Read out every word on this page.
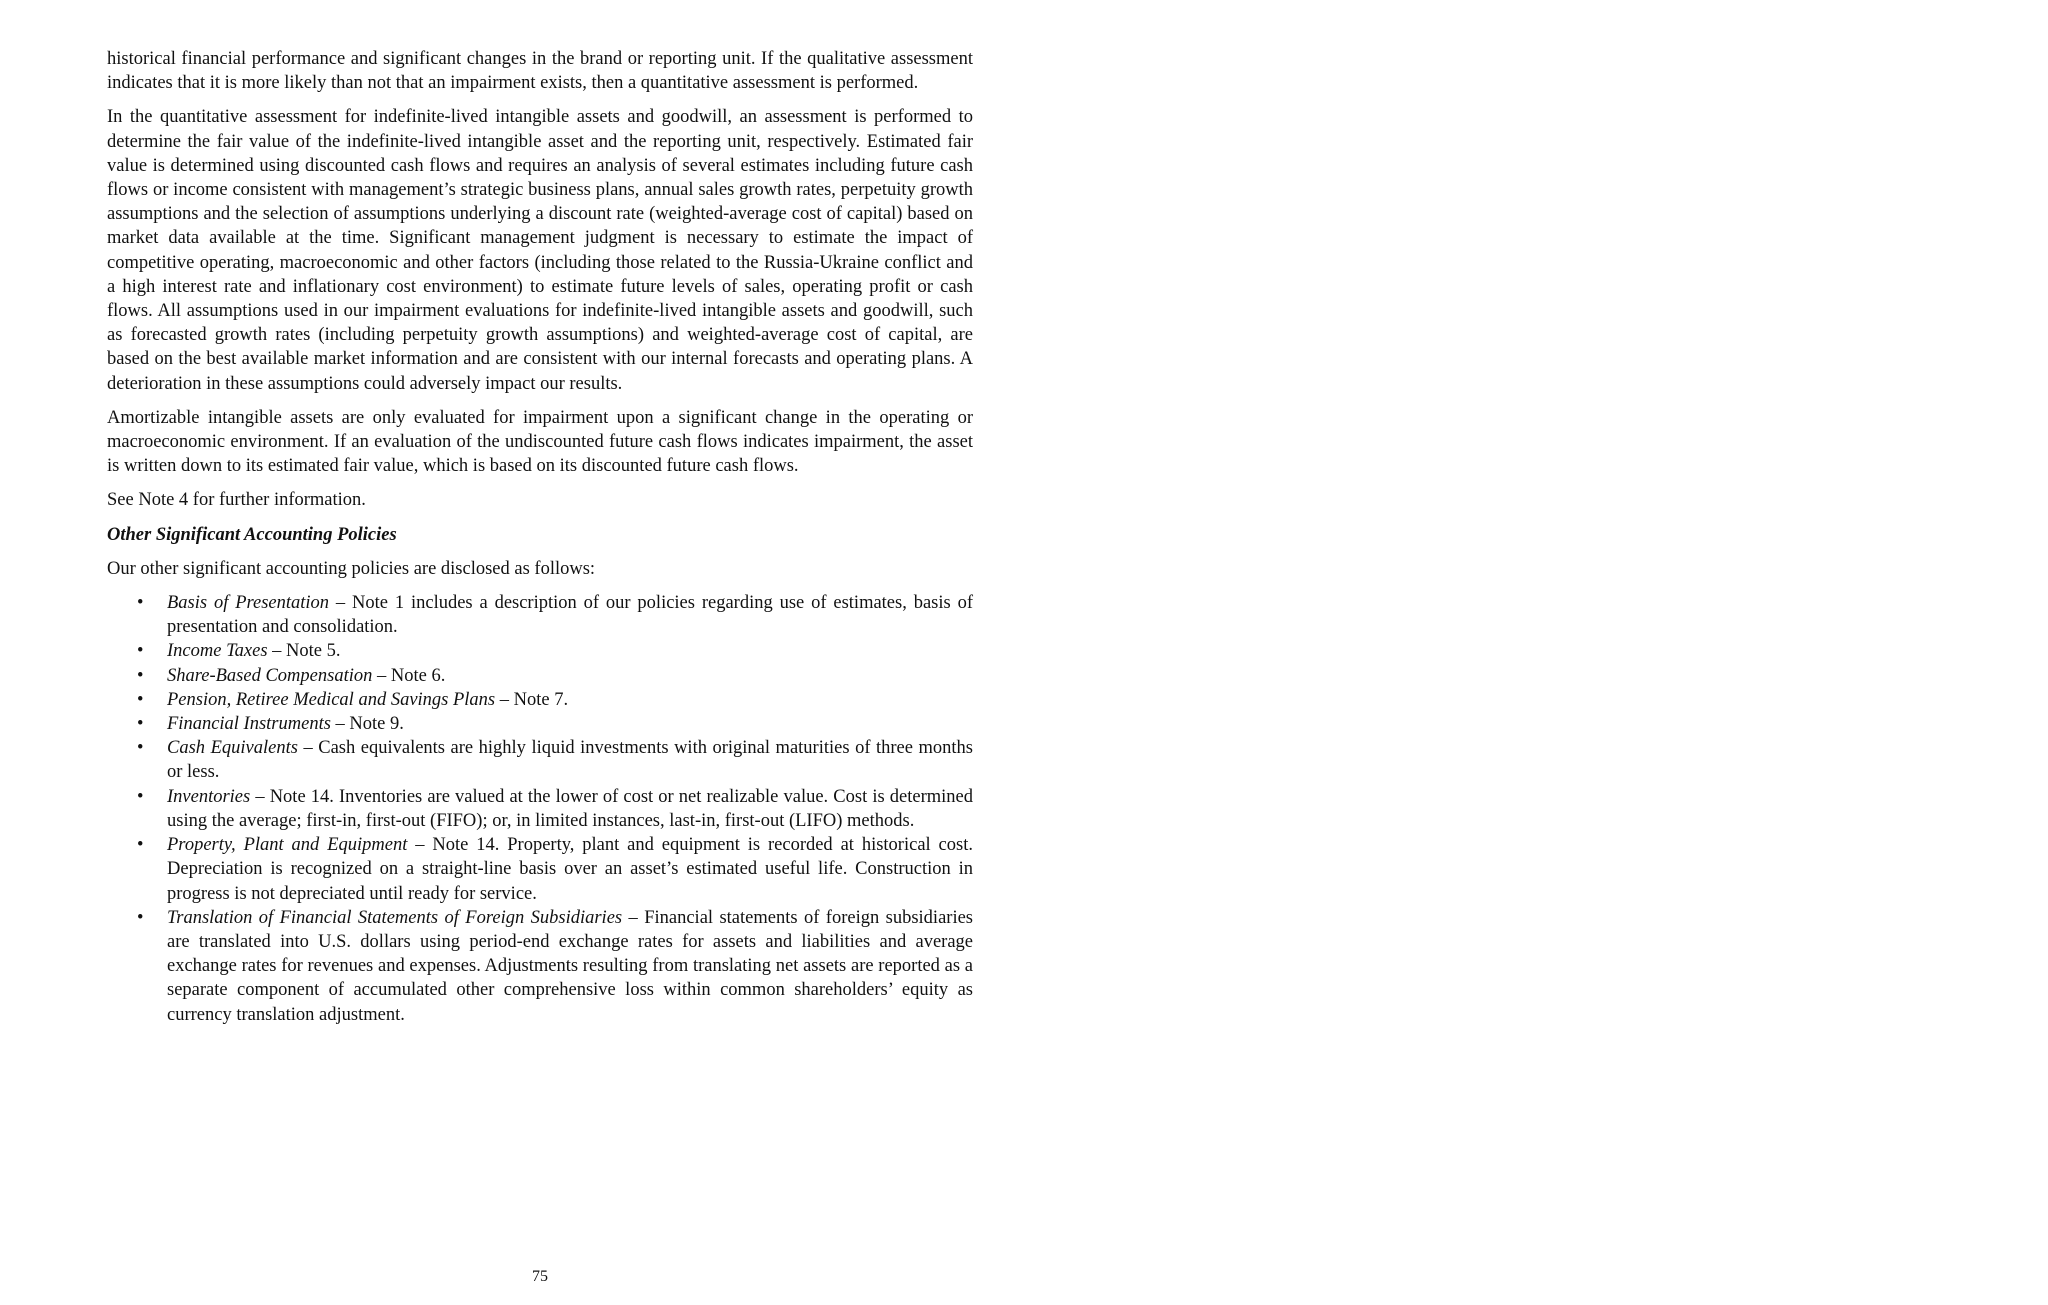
historical financial performance and significant changes in the brand or reporting unit. If the qualitative assessment indicates that it is more likely than not that an impairment exists, then a quantitative assessment is performed.

In the quantitative assessment for indefinite-lived intangible assets and goodwill, an assessment is performed to determine the fair value of the indefinite-lived intangible asset and the reporting unit, respectively. Estimated fair value is determined using discounted cash flows and requires an analysis of several estimates including future cash flows or income consistent with management’s strategic business plans, annual sales growth rates, perpetuity growth assumptions and the selection of assumptions underlying a discount rate (weighted-average cost of capital) based on market data available at the time. Significant management judgment is necessary to estimate the impact of competitive operating, macroeconomic and other factors (including those related to the Russia-Ukraine conflict and a high interest rate and inflationary cost environment) to estimate future levels of sales, operating profit or cash flows. All assumptions used in our impairment evaluations for indefinite-lived intangible assets and goodwill, such as forecasted growth rates (including perpetuity growth assumptions) and weighted-average cost of capital, are based on the best available market information and are consistent with our internal forecasts and operating plans. A deterioration in these assumptions could adversely impact our results.

Amortizable intangible assets are only evaluated for impairment upon a significant change in the operating or macroeconomic environment. If an evaluation of the undiscounted future cash flows indicates impairment, the asset is written down to its estimated fair value, which is based on its discounted future cash flows.

See Note 4 for further information.

Other Significant Accounting Policies

Our other significant accounting policies are disclosed as follows:

• Basis of Presentation – Note 1 includes a description of our policies regarding use of estimates, basis of presentation and consolidation.
• Income Taxes – Note 5.
• Share-Based Compensation – Note 6.
• Pension, Retiree Medical and Savings Plans – Note 7.
• Financial Instruments – Note 9.
• Cash Equivalents – Cash equivalents are highly liquid investments with original maturities of three months or less.
• Inventories – Note 14. Inventories are valued at the lower of cost or net realizable value. Cost is determined using the average; first-in, first-out (FIFO); or, in limited instances, last-in, first-out (LIFO) methods.
• Property, Plant and Equipment – Note 14. Property, plant and equipment is recorded at historical cost. Depreciation is recognized on a straight-line basis over an asset’s estimated useful life. Construction in progress is not depreciated until ready for service.
• Translation of Financial Statements of Foreign Subsidiaries – Financial statements of foreign subsidiaries are translated into U.S. dollars using period-end exchange rates for assets and liabilities and average exchange rates for revenues and expenses. Adjustments resulting from translating net assets are reported as a separate component of accumulated other comprehensive loss within common shareholders’ equity as currency translation adjustment.
75
